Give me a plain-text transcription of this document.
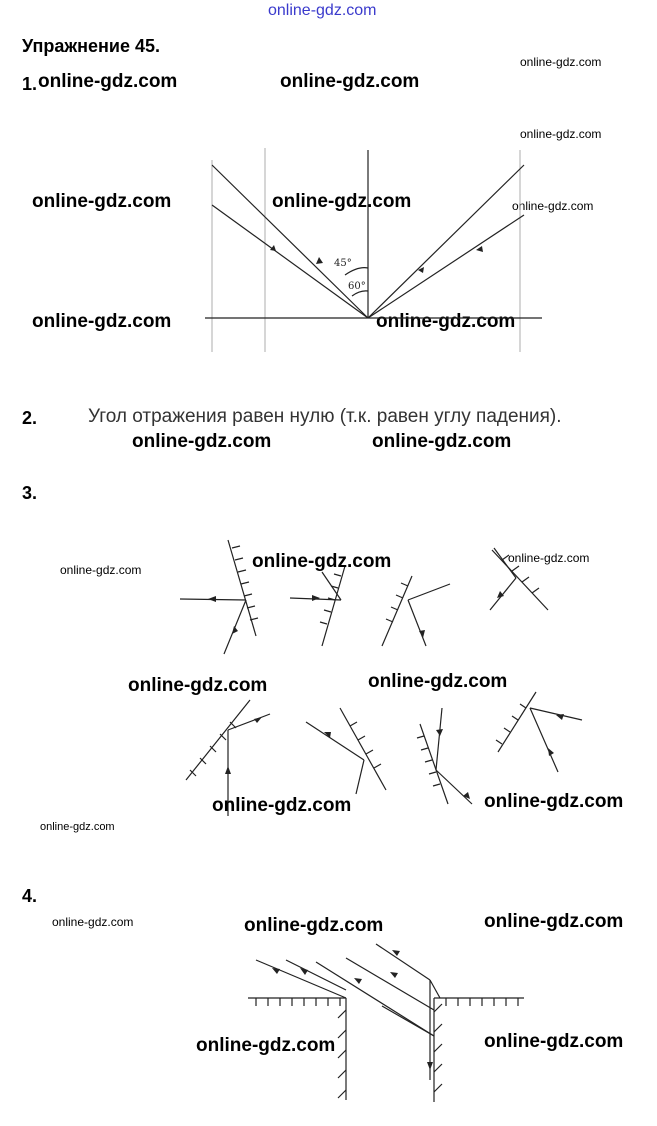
online-gdz.com
Упражнение 45.
1. online-gdz.com	online-gdz.com
online-gdz.com
online-gdz.com
online-gdz.com
online-gdz.com	online-gdz.com
online-gdz.com	online-gdz.com
45°
60°
2.	Угол отражения равен нулю (т.к. равен углу падения).
online-gdz.com	online-gdz.com
3.
online-gdz.com	online-gdz.com	online-gdz.com
online-gdz.com	online-gdz.com
online-gdz.com	online-gdz.com
online-gdz.com
4.
online-gdz.com	online-gdz.com	online-gdz.com
online-gdz.com	online-gdz.com
